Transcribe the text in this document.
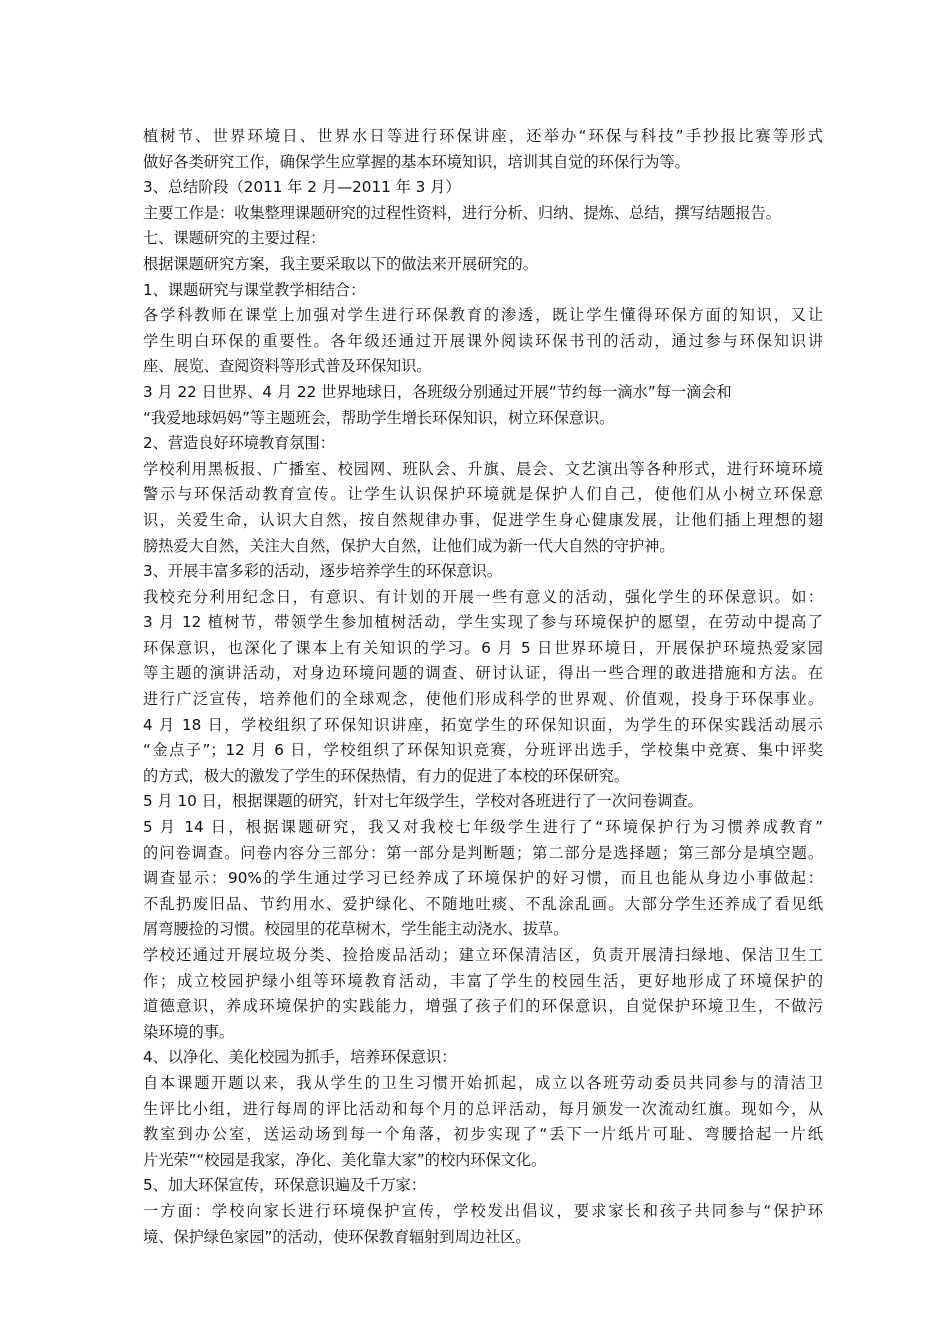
植树节、世界环境日、世界水日等进行环保讲座，还举办“环保与科技”手抄报比赛等形式
做好各类研究工作，确保学生应掌握的基本环境知识，培训其自觉的环保行为等。
3、总结阶段（2011 年 2 月—2011 年 3 月）
主要工作是：收集整理课题研究的过程性资料，进行分析、归纳、提炼、总结，撰写结题报告。
七、课题研究的主要过程：
根据课题研究方案，我主要采取以下的做法来开展研究的。
1、课题研究与课堂教学相结合：
各学科教师在课堂上加强对学生进行环保教育的渗透，既让学生懂得环保方面的知识，又让
学生明白环保的重要性。各年级还通过开展课外阅读环保书刊的活动，通过参与环保知识讲
座、展览、查阅资料等形式普及环保知识。
3 月 22 日世界、4 月 22 世界地球日，各班级分别通过开展“节约每一滴水”每一滴会和
“我爱地球妈妈”等主题班会，帮助学生增长环保知识，树立环保意识。
2、营造良好环境教育氛围：
学校利用黑板报、广播室、校园网、班队会、升旗、晨会、文艺演出等各种形式，进行环境环境
警示与环保活动教育宣传。让学生认识保护环境就是保护人们自己，使他们从小树立环保意
识，关爱生命，认识大自然，按自然规律办事，促进学生身心健康发展，让他们插上理想的翅
膀热爱大自然，关注大自然，保护大自然，让他们成为新一代大自然的守护神。
3、开展丰富多彩的活动，逐步培养学生的环保意识。
我校充分利用纪念日，有意识、有计划的开展一些有意义的活动，强化学生的环保意识。如：
3 月 12 植树节，带领学生参加植树活动，学生实现了参与环境保护的愿望，在劳动中提高了
环保意识，也深化了课本上有关知识的学习。6 月 5 日世界环境日，开展保护环境热爱家园
等主题的演讲活动，对身边环境问题的调查、研讨认证，得出一些合理的敢进措施和方法。在
进行广泛宣传，培养他们的全球观念，使他们形成科学的世界观、价值观，投身于环保事业。
4 月 18 日，学校组织了环保知识讲座，拓宽学生的环保知识面，为学生的环保实践活动展示
“金点子”；12 月 6 日，学校组织了环保知识竞赛，分班评出选手，学校集中竞赛、集中评奖
的方式，极大的激发了学生的环保热情，有力的促进了本校的环保研究。
5 月 10 日，根据课题的研究，针对七年级学生，学校对各班进行了一次问卷调查。
5 月 14 日，根据课题研究，我又对我校七年级学生进行了“环境保护行为习惯养成教育”
的问卷调查。问卷内容分三部分：第一部分是判断题；第二部分是选择题；第三部分是填空题。
调查显示：90%的学生通过学习已经养成了环境保护的好习惯，而且也能从身边小事做起：
不乱扔废旧品、节约用水、爱护绿化、不随地吐痰、不乱涂乱画。大部分学生还养成了看见纸
屑弯腰捡的习惯。校园里的花草树木，学生能主动浇水、拔草。
学校还通过开展垃圾分类、捡拾废品活动；建立环保清洁区，负责开展清扫绿地、保洁卫生工
作；成立校园护绿小组等环境教育活动，丰富了学生的校园生活，更好地形成了环境保护的
道德意识，养成环境保护的实践能力，增强了孩子们的环保意识，自觉保护环境卫生，不做污
染环境的事。
4、以净化、美化校园为抓手，培养环保意识：
自本课题开题以来，我从学生的卫生习惯开始抓起，成立以各班劳动委员共同参与的清洁卫
生评比小组，进行每周的评比活动和每个月的总评活动，每月颁发一次流动红旗。现如今，从
教室到办公室，送运动场到每一个角落，初步实现了“丢下一片纸片可耻、弯腰拾起一片纸
片光荣”“校园是我家，净化、美化靠大家”的校内环保文化。
5、加大环保宣传，环保意识遍及千万家：
一方面：学校向家长进行环境保护宣传，学校发出倡议，要求家长和孩子共同参与“保护环
境、保护绿色家园”的活动，使环保教育辐射到周边社区。
